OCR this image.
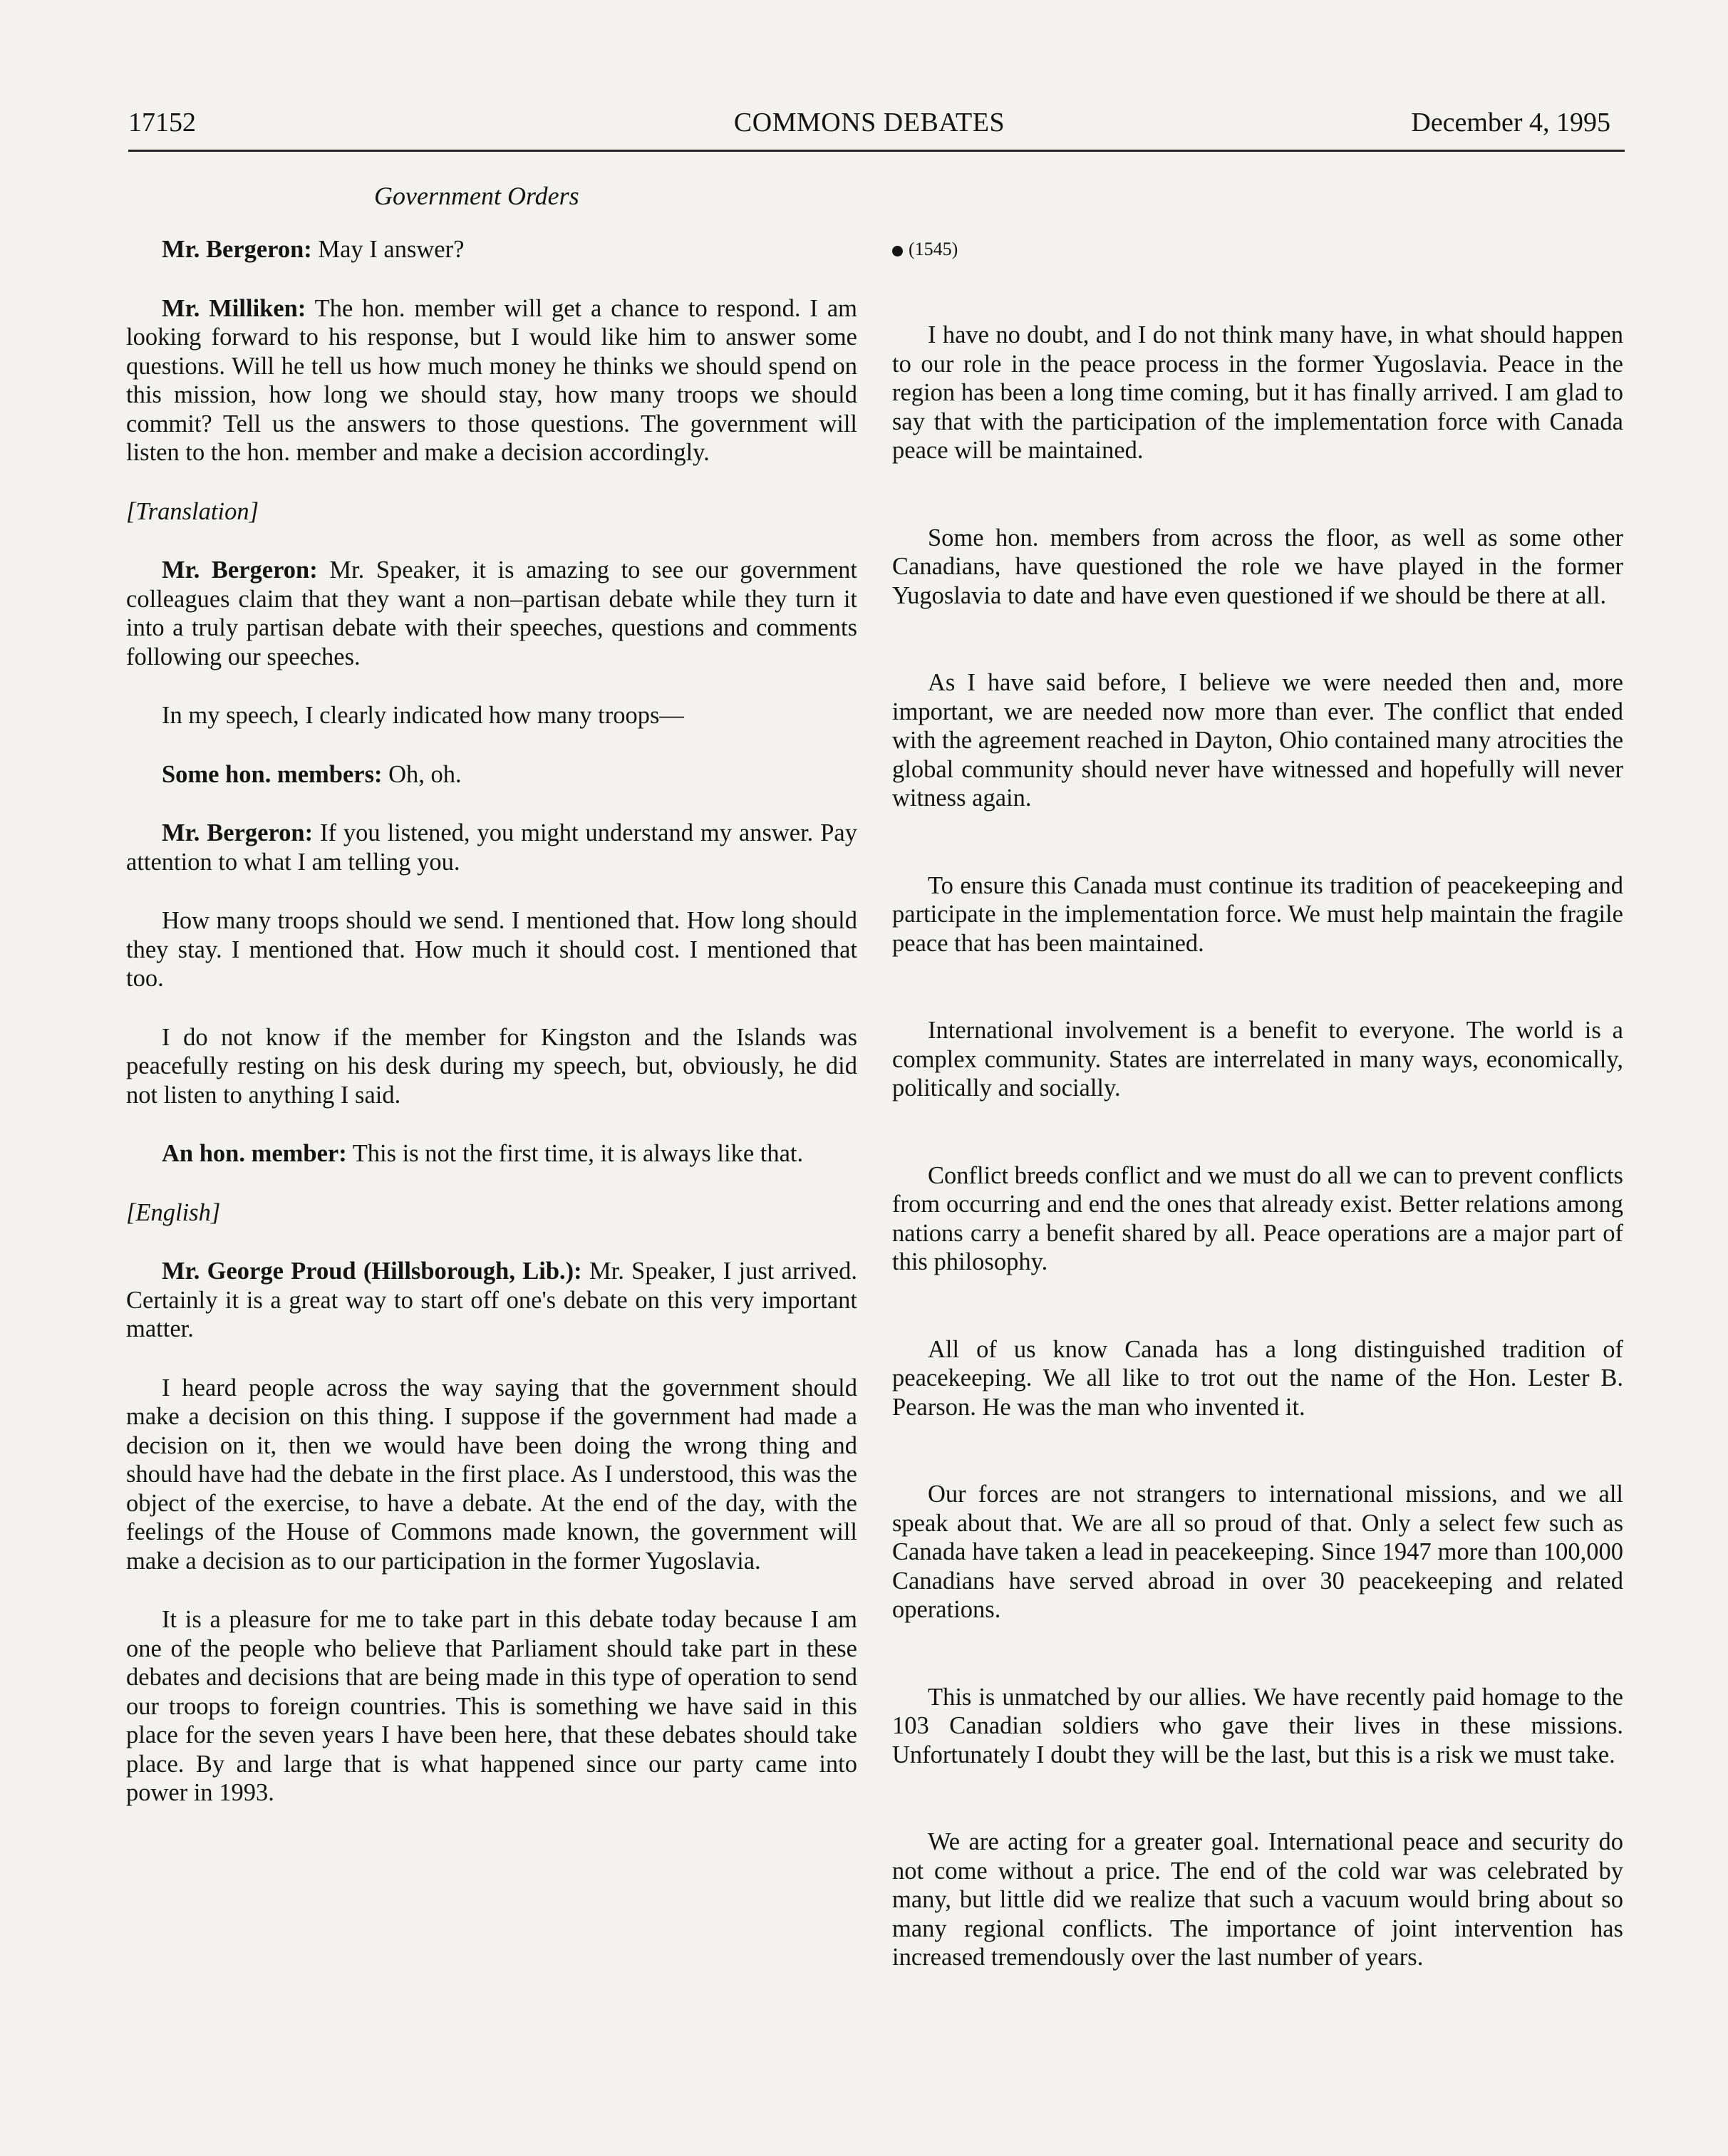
17152	COMMONS DEBATES	December 4, 1995
Government Orders

Mr. Bergeron: May I answer?

Mr. Milliken: The hon. member will get a chance to respond. I am looking forward to his response, but I would like him to answer some questions. Will he tell us how much money he thinks we should spend on this mission, how long we should stay, how many troops we should commit? Tell us the answers to those questions. The government will listen to the hon. member and make a decision accordingly.

[Translation]

Mr. Bergeron: Mr. Speaker, it is amazing to see our government colleagues claim that they want a non–partisan debate while they turn it into a truly partisan debate with their speeches, questions and comments following our speeches.

In my speech, I clearly indicated how many troops—

Some hon. members: Oh, oh.

Mr. Bergeron: If you listened, you might understand my answer. Pay attention to what I am telling you.

How many troops should we send. I mentioned that. How long should they stay. I mentioned that. How much it should cost. I mentioned that too.

I do not know if the member for Kingston and the Islands was peacefully resting on his desk during my speech, but, obviously, he did not listen to anything I said.

An hon. member: This is not the first time, it is always like that.

[English]

Mr. George Proud (Hillsborough, Lib.): Mr. Speaker, I just arrived. Certainly it is a great way to start off one's debate on this very important matter.

I heard people across the way saying that the government should make a decision on this thing. I suppose if the government had made a decision on it, then we would have been doing the wrong thing and should have had the debate in the first place. As I understood, this was the object of the exercise, to have a debate. At the end of the day, with the feelings of the House of Commons made known, the government will make a decision as to our participation in the former Yugoslavia.

It is a pleasure for me to take part in this debate today because I am one of the people who believe that Parliament should take part in these debates and decisions that are being made in this type of operation to send our troops to foreign countries. This is something we have said in this place for the seven years I have been here, that these debates should take place. By and large that is what happened since our party came into power in 1993.

(1545)

I have no doubt, and I do not think many have, in what should happen to our role in the peace process in the former Yugoslavia. Peace in the region has been a long time coming, but it has finally arrived. I am glad to say that with the participation of the implementation force with Canada peace will be maintained.

Some hon. members from across the floor, as well as some other Canadians, have questioned the role we have played in the former Yugoslavia to date and have even questioned if we should be there at all.

As I have said before, I believe we were needed then and, more important, we are needed now more than ever. The conflict that ended with the agreement reached in Dayton, Ohio contained many atrocities the global community should never have witnessed and hopefully will never witness again.

To ensure this Canada must continue its tradition of peacekeeping and participate in the implementation force. We must help maintain the fragile peace that has been maintained.

International involvement is a benefit to everyone. The world is a complex community. States are interrelated in many ways, economically, politically and socially.

Conflict breeds conflict and we must do all we can to prevent conflicts from occurring and end the ones that already exist. Better relations among nations carry a benefit shared by all. Peace operations are a major part of this philosophy.

All of us know Canada has a long distinguished tradition of peacekeeping. We all like to trot out the name of the Hon. Lester B. Pearson. He was the man who invented it.

Our forces are not strangers to international missions, and we all speak about that. We are all so proud of that. Only a select few such as Canada have taken a lead in peacekeeping. Since 1947 more than 100,000 Canadians have served abroad in over 30 peacekeeping and related operations.

This is unmatched by our allies. We have recently paid homage to the 103 Canadian soldiers who gave their lives in these missions. Unfortunately I doubt they will be the last, but this is a risk we must take.

We are acting for a greater goal. International peace and security do not come without a price. The end of the cold war was celebrated by many, but little did we realize that such a vacuum would bring about so many regional conflicts. The importance of joint intervention has increased tremendously over the last number of years.
